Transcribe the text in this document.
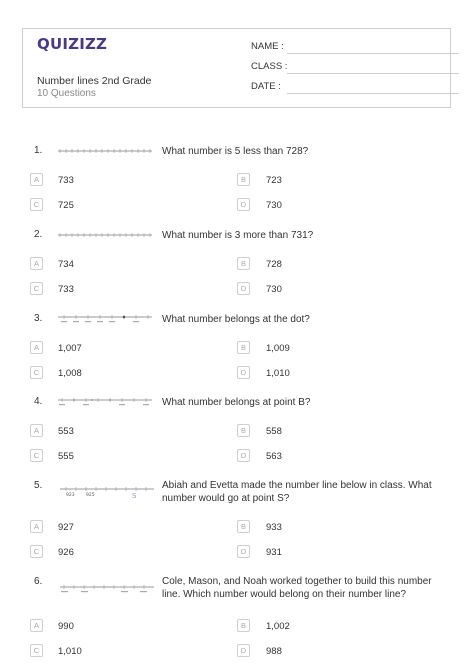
QUIZIZZ
Number lines 2nd Grade
10 Questions
NAME :
CLASS :
DATE :
1.	What number is 5 less than 728?
A	733	B	723
C	725	D	730
2.	What number is 3 more than 731?
A	734	B	728
C	733	D	730
3.	What number belongs at the dot?
A	1,007	B	1,009
C	1,008	D	1,010
4.	What number belongs at point B?
A	553	B	558
C	555	D	563
5.
923	925	S
Abiah and Evetta made the number line below in class. What
number would go at point S?
A	927	B	933
C	926	D	931
6.	Cole, Mason, and Noah worked together to build this number
line. Which number would belong on their number line?
A	990	B	1,002
C	1,010	D	988
